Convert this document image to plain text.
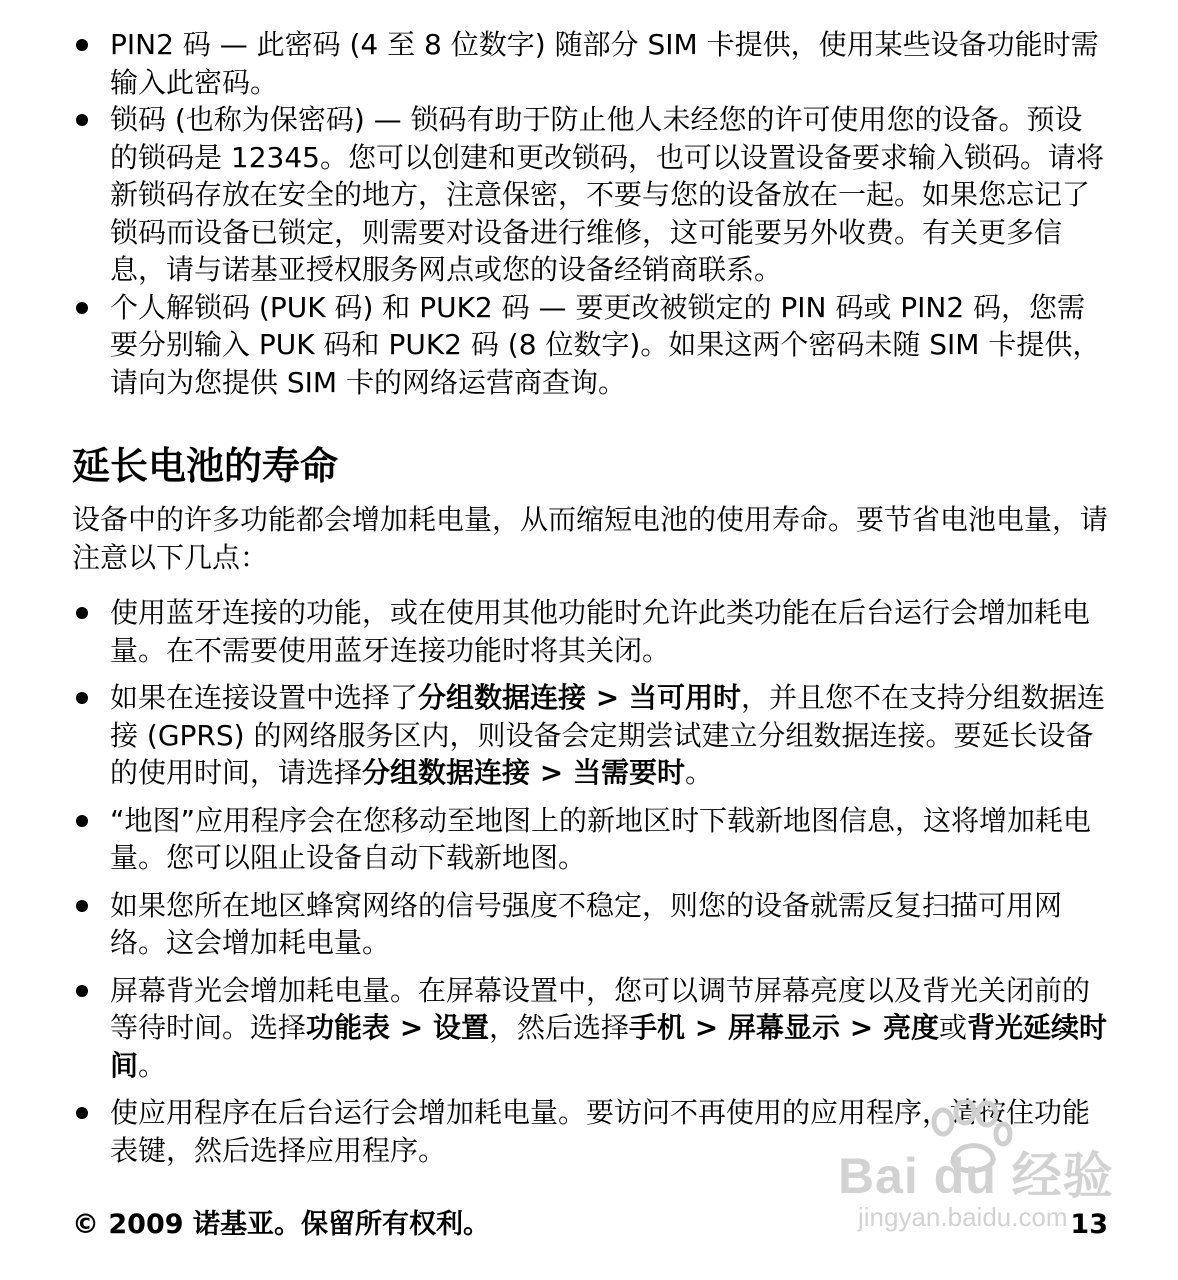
PIN2 码 — 此密码 (4 至 8 位数字) 随部分 SIM 卡提供，使用某些设备功能时需输入此密码。
锁码 (也称为保密码) — 锁码有助于防止他人未经您的许可使用您的设备。预设的锁码是 12345。您可以创建和更改锁码，也可以设置设备要求输入锁码。请将新锁码存放在安全的地方，注意保密，不要与您的设备放在一起。如果您忘记了锁码而设备已锁定，则需要对设备进行维修，这可能要另外收费。有关更多信息，请与诺基亚授权服务网点或您的设备经销商联系。
个人解锁码 (PUK 码) 和 PUK2 码 — 要更改被锁定的 PIN 码或 PIN2 码，您需要分别输入 PUK 码和 PUK2 码 (8 位数字)。如果这两个密码未随 SIM 卡提供，请向为您提供 SIM 卡的网络运营商查询。
延长电池的寿命

设备中的许多功能都会增加耗电量，从而缩短电池的使用寿命。要节省电池电量，请注意以下几点：

使用蓝牙连接的功能，或在使用其他功能时允许此类功能在后台运行会增加耗电量。在不需要使用蓝牙连接功能时将其关闭。
如果在连接设置中选择了分组数据连接 > 当可用时，并且您不在支持分组数据连接 (GPRS) 的网络服务区内，则设备会定期尝试建立分组数据连接。要延长设备的使用时间，请选择分组数据连接 > 当需要时。
“地图”应用程序会在您移动至地图上的新地区时下载新地图信息，这将增加耗电量。您可以阻止设备自动下载新地图。
如果您所在地区蜂窝网络的信号强度不稳定，则您的设备就需反复扫描可用网络。这会增加耗电量。
屏幕背光会增加耗电量。在屏幕设置中，您可以调节屏幕亮度以及背光关闭前的等待时间。选择功能表 > 设置，然后选择手机 > 屏幕显示 > 亮度或背光延续时间。
使应用程序在后台运行会增加耗电量。要访问不再使用的应用程序，请按住功能表键，然后选择应用程序。	Bai du 经验
jingyan.baidu.com
© 2009 诺基亚。保留所有权利。	13
